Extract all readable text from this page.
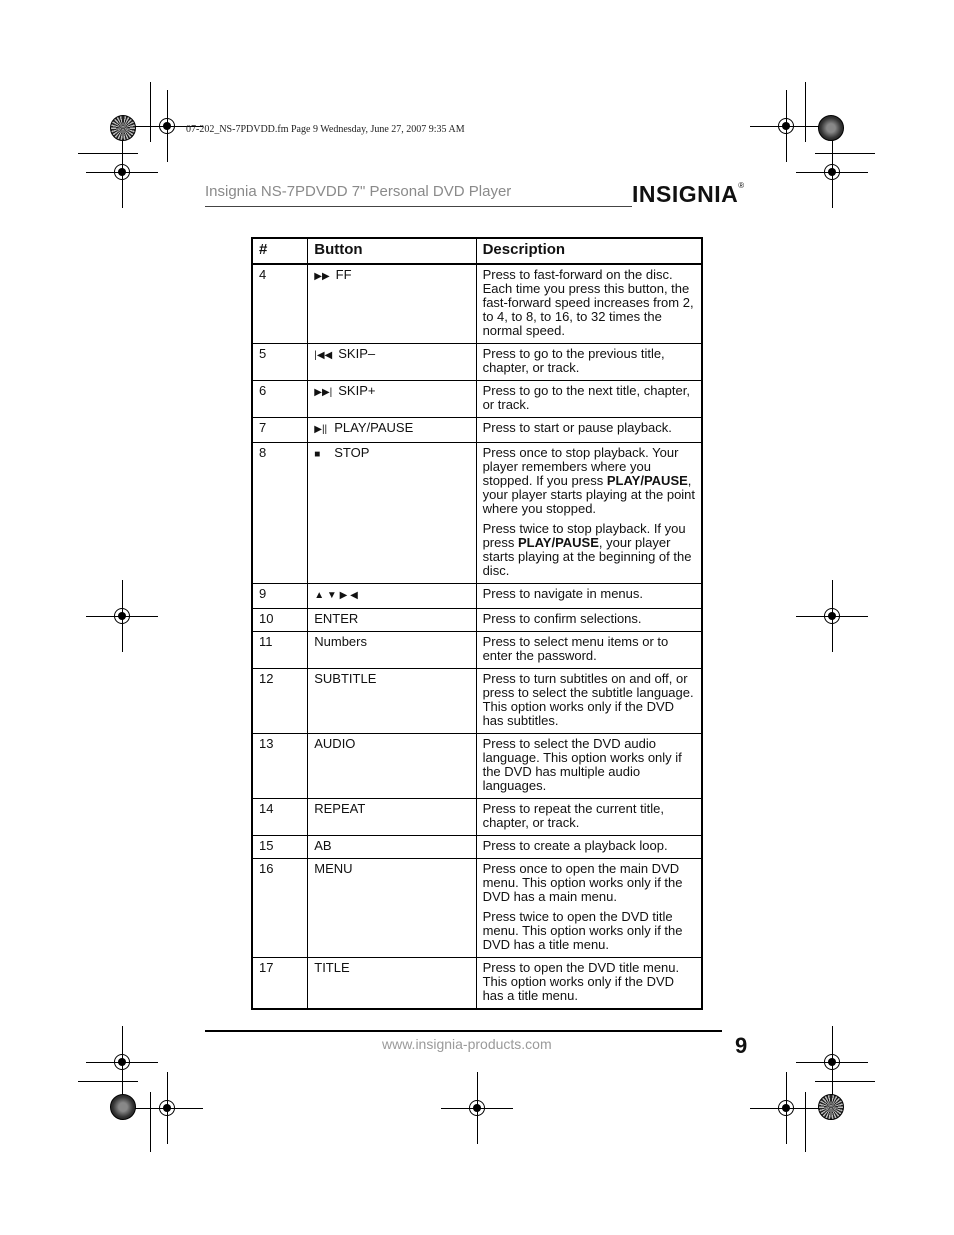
07-202_NS-7PDVDD.fm Page 9 Wednesday, June 27, 2007 9:35 AM
Insignia NS-7PDVDD 7" Personal DVD Player	INSIGNIA®
#	Button	Description
4	▶▶ FF	Press to fast-forward on the disc. Each time you press this button, the fast-forward speed increases from 2, to 4, to 8, to 16, to 32 times the normal speed.

5	|◀◀ SKIP–	Press to go to the previous title, chapter, or track.

6	▶▶| SKIP+	Press to go to the next title, chapter, or track.

7	▶|| PLAY/PAUSE	Press to start or pause playback.

8	■ STOP	Press once to stop playback. Your player remembers where you stopped. If you press PLAY/PAUSE, your player starts playing at the point where you stopped.

Press twice to stop playback. If you press PLAY/PAUSE, your player starts playing at the beginning of the disc.

9	▲ ▼ ▶ ◀	Press to navigate in menus.

10	ENTER	Press to confirm selections.

11	Numbers	Press to select menu items or to enter the password.

12	SUBTITLE	Press to turn subtitles on and off, or press to select the subtitle language. This option works only if the DVD has subtitles.

13	AUDIO	Press to select the DVD audio language. This option works only if the DVD has multiple audio languages.

14	REPEAT	Press to repeat the current title, chapter, or track.

15	AB	Press to create a playback loop.

16	MENU	Press once to open the main DVD menu. This option works only if the DVD has a main menu.

Press twice to open the DVD title menu. This option works only if the DVD has a title menu.

17	TITLE	Press to open the DVD title menu. This option works only if the DVD has a title menu.

www.insignia-products.com	9
